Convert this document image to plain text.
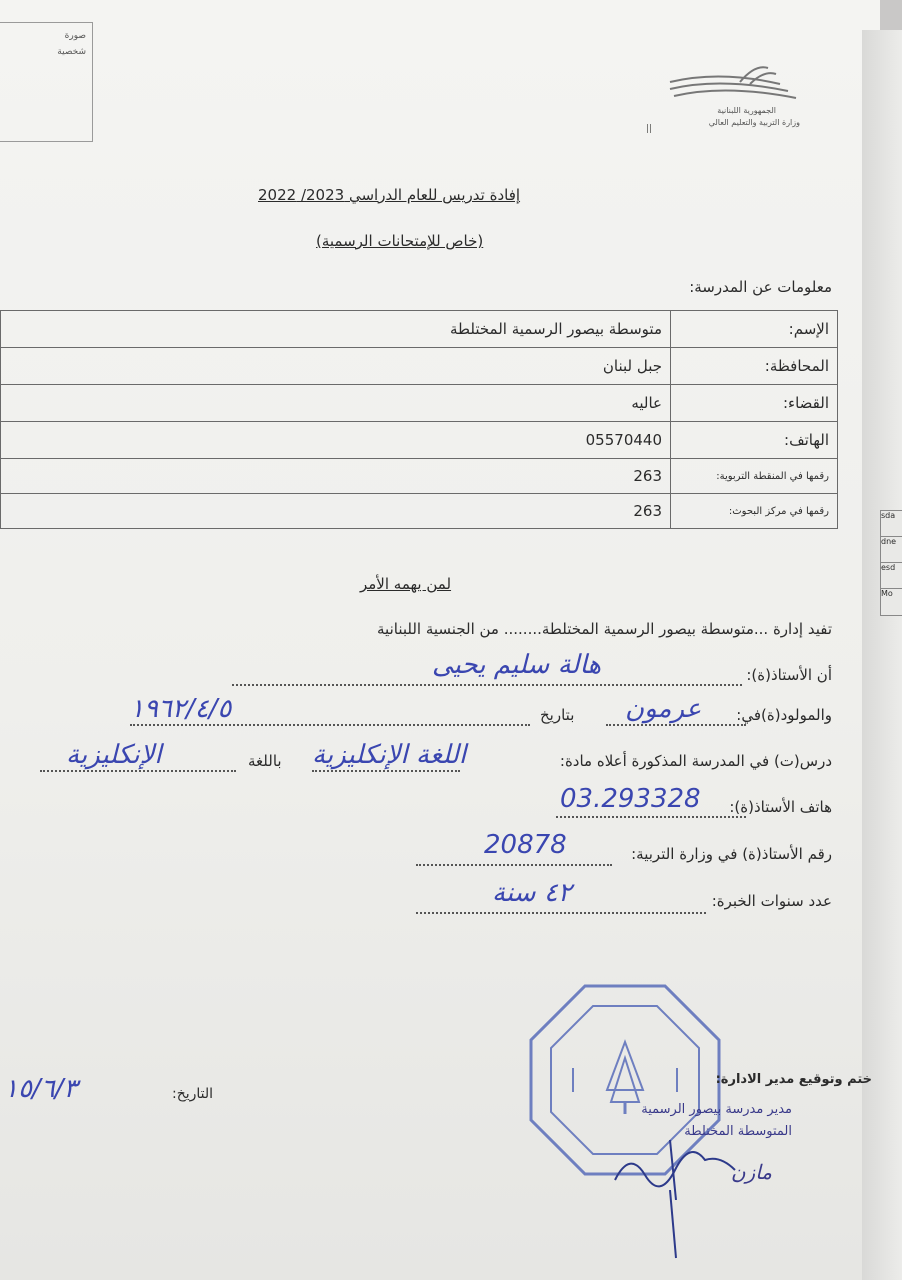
sda
dne
esd
Mo
صورة
شخصية
الجمهورية اللبنانية
وزارة التربية والتعليم العالي
||
إفادة تدريس للعام الدراسي 2023/ 2022
(خاص للإمتحانات الرسمية)
معلومات عن المدرسة:
الإسم:	متوسطة بيصور الرسمية المختلطة
المحافظة:	جبل لبنان
القضاء:	عاليه
الهاتف:	05570440
رقمها في المنقطة التربوية:	263
رقمها في مركز البحوث:	263
لمن يهمه الأمر
تفيد إدارة ...متوسطة بيصور الرسمية المختلطة........ من الجنسية اللبنانية
أن الأستاذ(ة):
هالة سليم يحيى
والمولود(ة)في:
عرمون
بتاريخ
١٩٦٢/٤/٥
درس(ت) في المدرسة المذكورة أعلاه مادة:
اللغة الإنكليزية
باللغة
الإنكليزية
هاتف الأستاذ(ة):
03.293328
رقم الأستاذ(ة) في وزارة التربية:
20878
عدد سنوات الخبرة:
٤٢ سنة
ختم وتوقيع مدير الادارة:
مدير مدرسة بيصور الرسمية
المتوسطة المختلطة
مازن
التاريخ:
١٥/٦/٣
